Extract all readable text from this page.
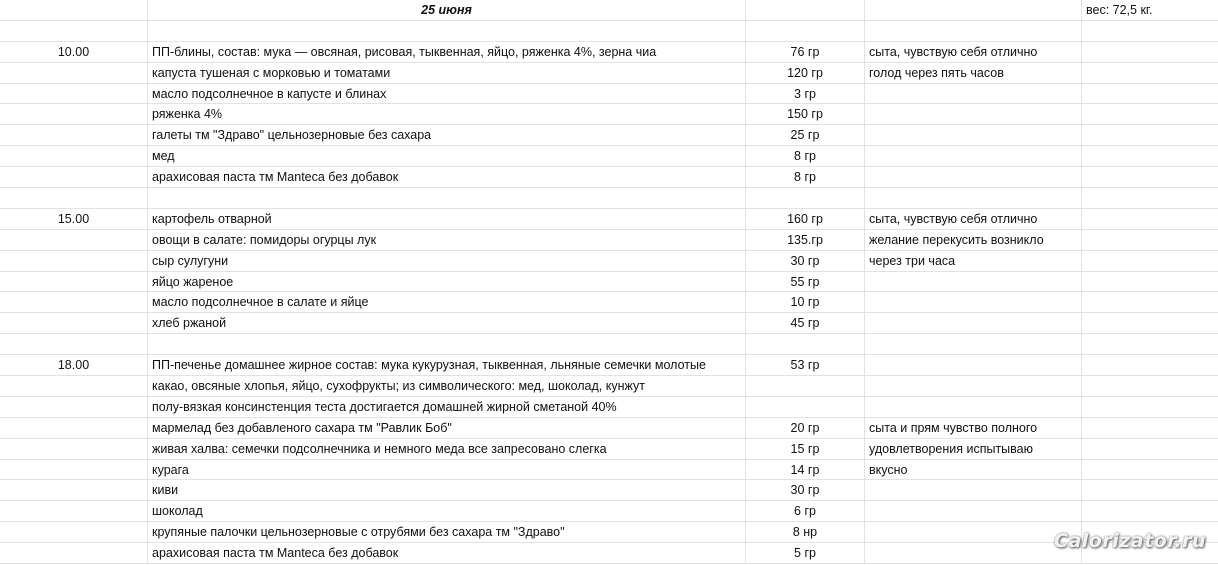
25 июня	вес: 72,5 кг.
10.00	ПП-блины, состав: мука — овсяная, рисовая, тыквенная, яйцо, ряженка 4%, зерна чиа	76 гр	сыта, чувствую себя отлично
капуста тушеная с морковью и томатами	120 гр	голод через пять часов
масло подсолнечное в капусте и блинах	3 гр
ряженка 4%	150 гр
галеты тм "Здраво" цельнозерновые без сахара	25 гр
мед	8 гр
арахисовая паста тм Manteca без добавок	8 гр
15.00	картофель отварной	160 гр	сыта, чувствую себя отлично
овощи в салате: помидоры огурцы лук	135.гр	желание перекусить возникло
сыр сулугуни	30 гр	через три часа
яйцо жареное	55 гр
масло подсолнечное в салате и яйце	10 гр
хлеб ржаной	45 гр
18.00	ПП-печенье домашнее жирное состав: мука кукурузная, тыквенная, льняные семечки молотые	53 гр
какао, овсяные хлопья, яйцо, сухофрукты; из символического: мед, шоколад, кунжут
полу-вязкая консинстенция теста достигается домашней жирной сметаной 40%
мармелад без добавленого сахара тм "Равлик Боб"	20 гр	сыта и прям чувство полного
живая халва: семечки подсолнечника и немного меда все запресовано слегка	15 гр	удовлетворения испытываю
курага	14 гр	вкусно
киви	30 гр
шоколад	6 гр
крупяные палочки цельнозерновые с отрубями без сахара тм "Здраво"	8 нр
арахисовая паста тм Manteca без добавок	5 гр
Calorizator.ru
